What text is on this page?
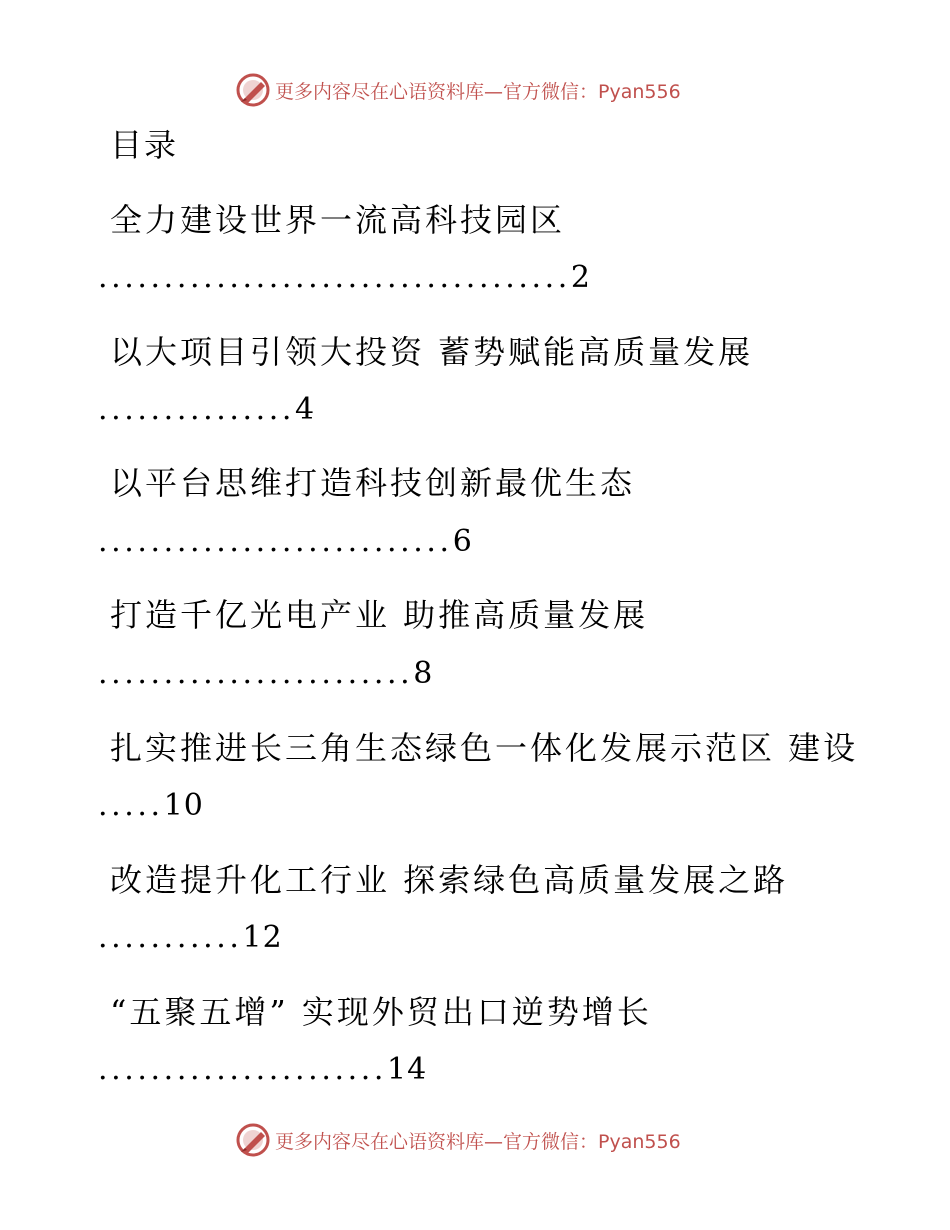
更多内容尽在心语资料库—官方微信：Pyan556
目录
全力建设世界一流高科技园区
....................................2
以大项目引领大投资 蓄势赋能高质量发展
...............4
以平台思维打造科技创新最优生态
...........................6
打造千亿光电产业 助推高质量发展
........................8
扎实推进长三角生态绿色一体化发展示范区 建设
.....10
改造提升化工行业 探索绿色高质量发展之路
...........12
“五聚五增” 实现外贸出口逆势增长
......................14
更多内容尽在心语资料库—官方微信：Pyan556
